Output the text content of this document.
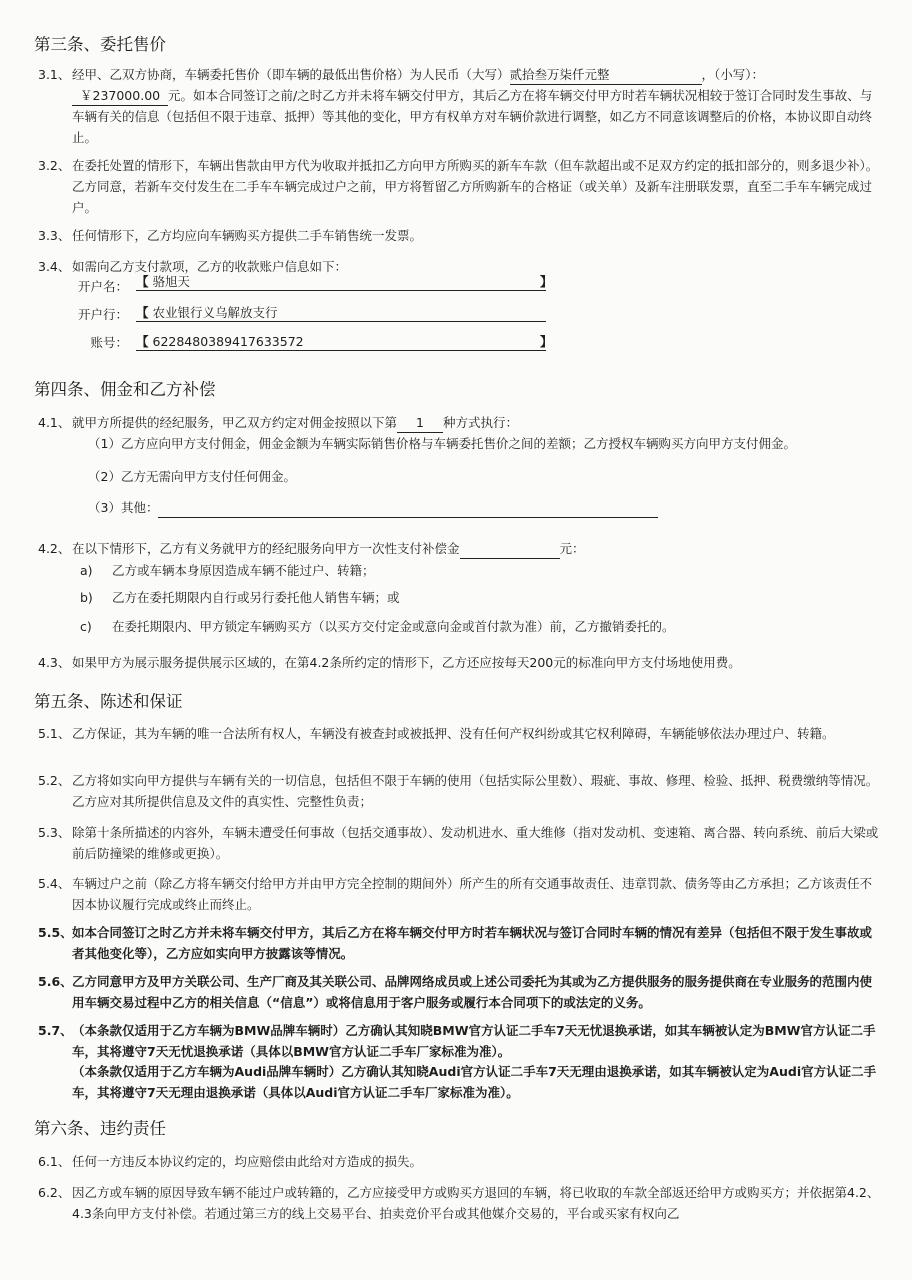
第三条、委托售价
3.1、 经甲、乙双方协商，车辆委托售价（即车辆的最低出售价格）为人民币（大写）贰拾叁万柒仟元整	，（小写）：
￥237000.00 元。如本合同签订之前/之时乙方并未将车辆交付甲方，其后乙方在将车辆交付甲方时若车辆状况相较于签订合同时发生事故、与车辆有关的信息（包括但不限于违章、抵押）等其他的变化，甲方有权单方对车辆价款进行调整，如乙方不同意该调整后的价格，本协议即自动终止。
3.2、 在委托处置的情形下，车辆出售款由甲方代为收取并抵扣乙方向甲方所购买的新车车款（但车款超出或不足双方约定的抵扣部分的，则多退少补）。乙方同意，若新车交付发生在二手车车辆完成过户之前，甲方将暂留乙方所购新车的合格证（或关单）及新车注册联发票，直至二手车车辆完成过户。
3.3、 任何情形下，乙方均应向车辆购买方提供二手车销售统一发票。
3.4、 如需向乙方支付款项，乙方的收款账户信息如下：
开户名： 【 骆旭天	】
开户行： 【 农业银行义乌解放支行
账号： 【 6228480389417633572	】
第四条、佣金和乙方补偿
4.1、 就甲方所提供的经纪服务，甲乙双方约定对佣金按照以下第 1 种方式执行：
（1）乙方应向甲方支付佣金，佣金金额为车辆实际销售价格与车辆委托售价之间的差额；乙方授权车辆购买方向甲方支付佣金。
（2）乙方无需向甲方支付任何佣金。
（3）其他：
4.2、 在以下情形下，乙方有义务就甲方的经纪服务向甲方一次性支付补偿金	元：
a)	乙方或车辆本身原因造成车辆不能过户、转籍；
b)	乙方在委托期限内自行或另行委托他人销售车辆；或
c)	在委托期限内、甲方锁定车辆购买方（以买方交付定金或意向金或首付款为准）前，乙方撤销委托的。
4.3、 如果甲方为展示服务提供展示区域的，在第4.2条所约定的情形下，乙方还应按每天200元的标准向甲方支付场地使用费。
第五条、陈述和保证
5.1、 乙方保证，其为车辆的唯一合法所有权人，车辆没有被查封或被抵押、没有任何产权纠纷或其它权利障碍，车辆能够依法办理过户、转籍。
5.2、 乙方将如实向甲方提供与车辆有关的一切信息，包括但不限于车辆的使用（包括实际公里数）、瑕疵、事故、修理、检验、抵押、税费缴纳等情况。乙方应对其所提供信息及文件的真实性、完整性负责；
5.3、 除第十条所描述的内容外，车辆未遭受任何事故（包括交通事故）、发动机进水、重大维修（指对发动机、变速箱、离合器、转向系统、前后大梁或前后防撞梁的维修或更换）。
5.4、 车辆过户之前（除乙方将车辆交付给甲方并由甲方完全控制的期间外）所产生的所有交通事故责任、违章罚款、债务等由乙方承担；乙方该责任不因本协议履行完成或终止而终止。
5.5、 如本合同签订之时乙方并未将车辆交付甲方，其后乙方在将车辆交付甲方时若车辆状况与签订合同时车辆的情况有差异（包括但不限于发生事故或者其他变化等），乙方应如实向甲方披露该等情况。
5.6、 乙方同意甲方及甲方关联公司、生产厂商及其关联公司、品牌网络成员或上述公司委托为其或为乙方提供服务的服务提供商在专业服务的范围内使用车辆交易过程中乙方的相关信息（“信息”）或将信息用于客户服务或履行本合同项下的或法定的义务。
5.7、 （本条款仅适用于乙方车辆为BMW品牌车辆时）乙方确认其知晓BMW官方认证二手车7天无忧退换承诺，如其车辆被认定为BMW官方认证二手车，其将遵守7天无忧退换承诺（具体以BMW官方认证二手车厂家标准为准）。
（本条款仅适用于乙方车辆为Audi品牌车辆时）乙方确认其知晓Audi官方认证二手车7天无理由退换承诺，如其车辆被认定为Audi官方认证二手车，其将遵守7天无理由退换承诺（具体以Audi官方认证二手车厂家标准为准）。
第六条、违约责任
6.1、 任何一方违反本协议约定的，均应赔偿由此给对方造成的损失。
6.2、 因乙方或车辆的原因导致车辆不能过户或转籍的，乙方应接受甲方或购买方退回的车辆，将已收取的车款全部返还给甲方或购买方；并依据第4.2、4.3条向甲方支付补偿。若通过第三方的线上交易平台、拍卖竞价平台或其他媒介交易的，平台或买家有权向乙
